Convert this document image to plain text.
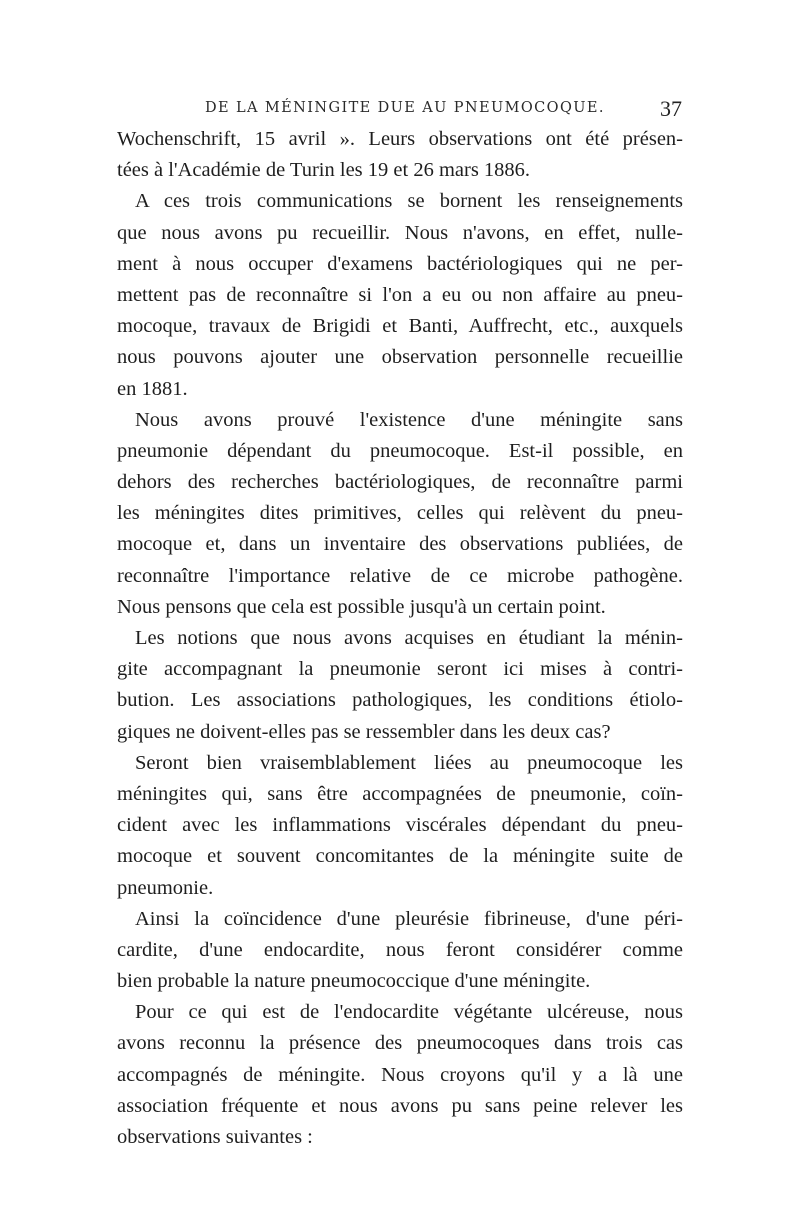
DE LA MÉNINGITE DUE AU PNEUMOCOQUE.	37
Wochenschrift, 15 avril ». Leurs observations ont été présen-
tées à l'Académie de Turin les 19 et 26 mars 1886.
A ces trois communications se bornent les renseignements
que nous avons pu recueillir. Nous n'avons, en effet, nulle-
ment à nous occuper d'examens bactériologiques qui ne per-
mettent pas de reconnaître si l'on a eu ou non affaire au pneu-
mocoque, travaux de Brigidi et Banti, Auffrecht, etc., auxquels
nous pouvons ajouter une observation personnelle recueillie
en 1881.
Nous avons prouvé l'existence d'une méningite sans
pneumonie dépendant du pneumocoque. Est-il possible, en
dehors des recherches bactériologiques, de reconnaître parmi
les méningites dites primitives, celles qui relèvent du pneu-
mocoque et, dans un inventaire des observations publiées, de
reconnaître l'importance relative de ce microbe pathogène.
Nous pensons que cela est possible jusqu'à un certain point.
Les notions que nous avons acquises en étudiant la ménin-
gite accompagnant la pneumonie seront ici mises à contri-
bution. Les associations pathologiques, les conditions étiolo-
giques ne doivent-elles pas se ressembler dans les deux cas?
Seront bien vraisemblablement liées au pneumocoque les
méningites qui, sans être accompagnées de pneumonie, coïn-
cident avec les inflammations viscérales dépendant du pneu-
mocoque et souvent concomitantes de la méningite suite de
pneumonie.
Ainsi la coïncidence d'une pleurésie fibrineuse, d'une péri-
cardite, d'une endocardite, nous feront considérer comme
bien probable la nature pneumococcique d'une méningite.
Pour ce qui est de l'endocardite végétante ulcéreuse, nous
avons reconnu la présence des pneumocoques dans trois cas
accompagnés de méningite. Nous croyons qu'il y a là une
association fréquente et nous avons pu sans peine relever les
observations suivantes :
